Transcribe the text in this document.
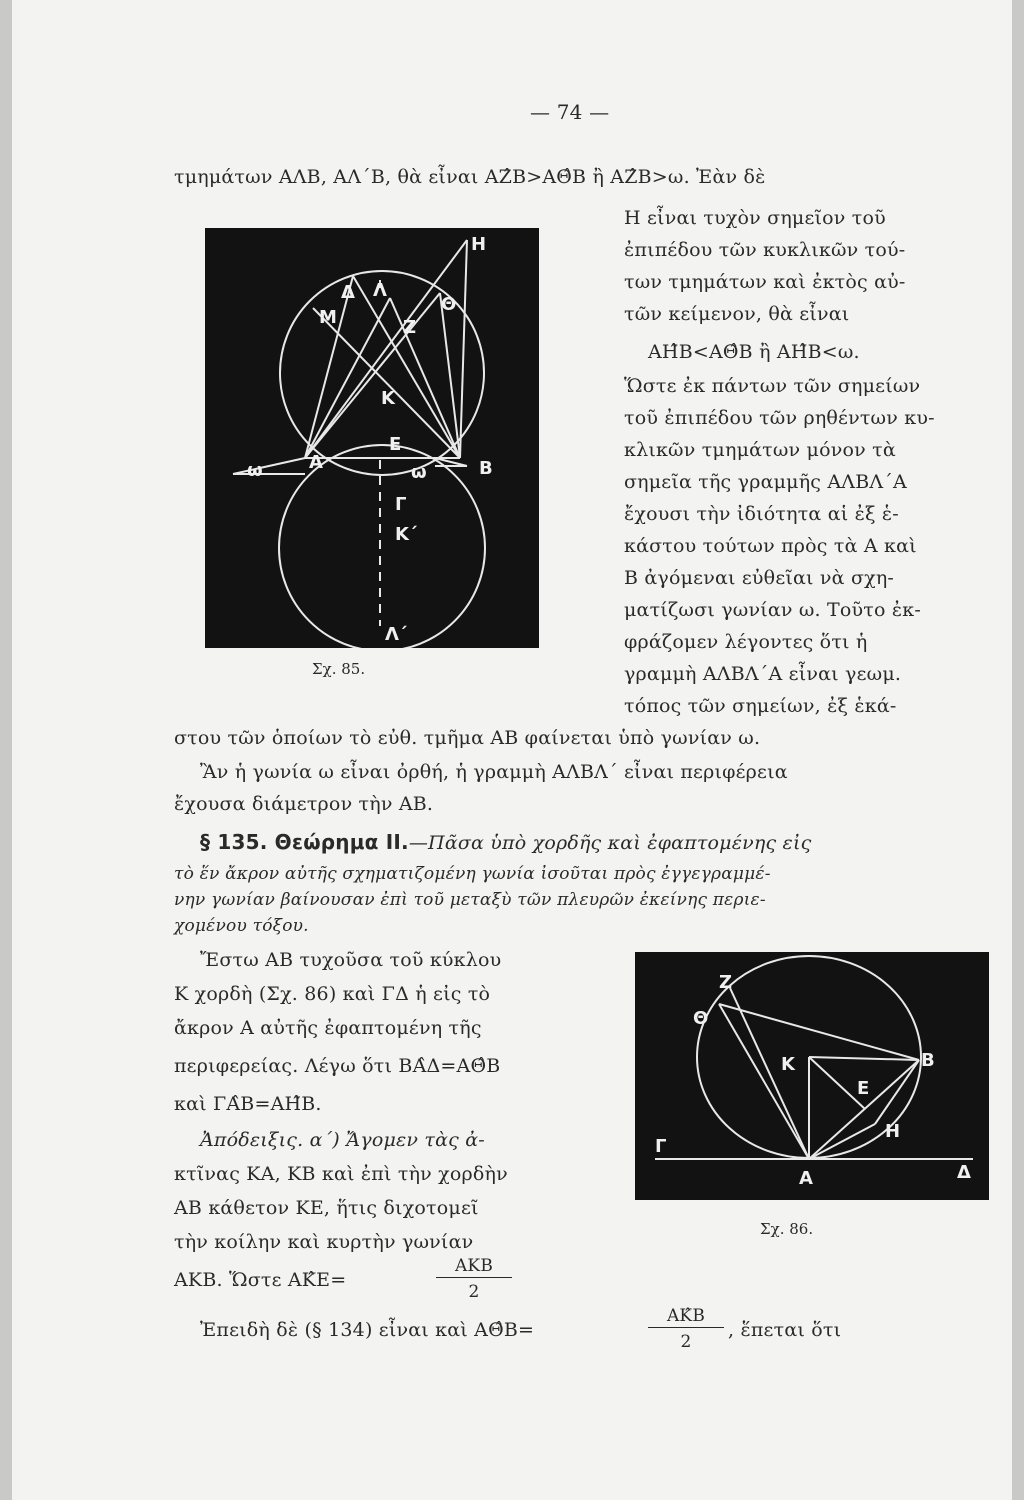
— 74 —
τμημάτων ΑΛΒ, ΑΛ΄Β, θὰ εἶναι ΑΖ̂Β>ΑΘ̂Β ἢ ΑΖ̂Β>ω. Ἐὰν δὲ
Η εἶναι τυχὸν σημεῖον τοῦ
ἐπιπέδου τῶν κυκλικῶν τού-
των τμημάτων καὶ ἐκτὸς αὐ-
τῶν κείμενον, θὰ εἶναι
ΑΗ̂Β<ΑΘ̂Β ἢ ΑΗ̂Β<ω.
Ὥστε ἐκ πάντων τῶν σημείων
τοῦ ἐπιπέδου τῶν ρηθέντων κυ-
κλικῶν τμημάτων μόνον τὰ
σημεῖα τῆς γραμμῆς ΑΛΒΛ΄Α
ἔχουσι τὴν ἰδιότητα αἱ ἐξ ἑ-
κάστου τούτων πρὸς τὰ Α καὶ
Β ἀγόμεναι εὐθεῖαι νὰ σχη-
ματίζωσι γωνίαν ω. Τοῦτο ἐκ-
φράζομεν λέγοντες ὅτι ἡ
γραμμὴ ΑΛΒΛ΄Α εἶναι γεωμ.
τόπος τῶν σημείων, ἐξ ἑκά-
στου τῶν ὁποίων τὸ εὐθ. τμῆμα ΑΒ φαίνεται ὑπὸ γωνίαν ω.
Ἂν ἡ γωνία ω εἶναι ὀρθή, ἡ γραμμὴ ΑΛΒΛ΄ εἶναι περιφέρεια
ἔχουσα διάμετρον τὴν ΑΒ.
§ 135. Θεώρημα ΙΙ.—Πᾶσα ὑπὸ χορδῆς καὶ ἐφαπτομένης εἰς
τὸ ἕν ἄκρον αὐτῆς σχηματιζομένη γωνία ἰσοῦται πρὸς ἐγγεγραμμέ-
νην γωνίαν βαίνουσαν ἐπὶ τοῦ μεταξὺ τῶν πλευρῶν ἐκείνης περιε-
χομένου τόξου.
Ἔστω ΑΒ τυχοῦσα τοῦ κύκλου
Κ χορδὴ (Σχ. 86) καὶ ΓΔ ἡ εἰς τὸ
ἄκρον Α αὐτῆς ἐφαπτομένη τῆς
περιφερείας. Λέγω ὅτι ΒΑ̂Δ=ΑΘ̂Β
καὶ ΓΑ̂Β=ΑΗ̂Β.
Ἀπόδειξις. α΄) Ἄγομεν τὰς ἀ-
κτῖνας ΚΑ, ΚΒ καὶ ἐπὶ τὴν χορδὴν
ΑΒ κάθετον ΚΕ, ἥτις διχοτομεῖ
τὴν κοίλην καὶ κυρτὴν γωνίαν
ΑΚΒ. Ὥστε ΑΚ̂Ε=
ΑΚΒ
2
Ἐπειδὴ δὲ (§ 134) εἶναι καὶ ΑΘ̂Β=
ΑΚ̂Β
2
, ἕπεται ὅτι
Η
Μ
Δ Λ
Θ
Ζ
Κ
Ε
ω	ω
Α	Β
Γ
Κ΄
Λ΄
Σχ. 85.
Ζ
Θ
Κ	Β
Ε
Η
Γ
Α	Δ
Σχ. 86.
